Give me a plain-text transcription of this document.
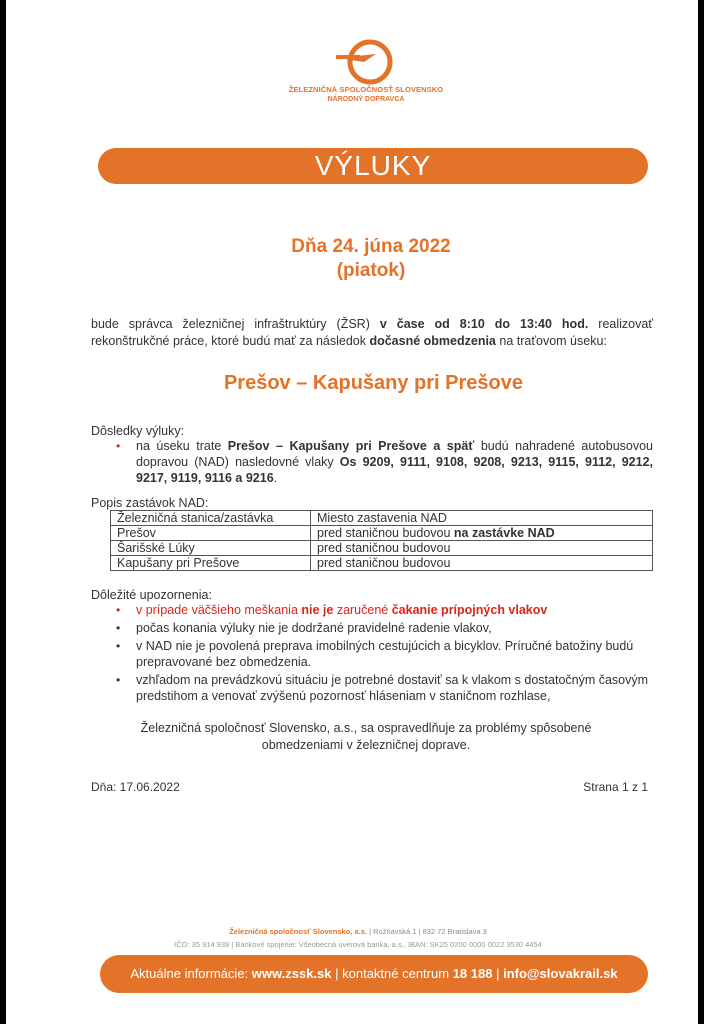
ŽELEZNIČNÁ SPOLOČNOSŤ SLOVENSKO
NÁRODNÝ DOPRAVCA
VÝLUKY
Dňa 24. júna 2022
(piatok)
bude správca železničnej infraštruktúry (ŽSR) v čase od 8:10 do 13:40 hod. realizovať rekonštrukčné práce, ktoré budú mať za následok dočasné obmedzenia na traťovom úseku:
Prešov – Kapušany pri Prešove
Dôsledky výluky:
• na úseku trate Prešov – Kapušany pri Prešove a späť budú nahradené autobusovou dopravou (NAD) nasledovné vlaky Os 9209, 9111, 9108, 9208, 9213, 9115, 9112, 9212, 9217, 9119, 9116 a 9216.
Popis zastávok NAD:
Železničná stanica/zastávka	Miesto zastavenia NAD
Prešov	pred staničnou budovou na zastávke NAD
Šarišské Lúky	pred staničnou budovou
Kapušany pri Prešove	pred staničnou budovou
Dôležité upozornenia:
• v prípade väčšieho meškania nie je zaručené čakanie prípojných vlakov
• počas konania výluky nie je dodržané pravidelné radenie vlakov,
• v NAD nie je povolená preprava imobilných cestujúcich a bicyklov. Príručné batožiny budú prepravované bez obmedzenia.
• vzhľadom na prevádzkovú situáciu je potrebné dostaviť sa k vlakom s dostatočným časovým predstihom a venovať zvýšenú pozornosť hláseniam v staničnom rozhlase,
Železničná spoločnosť Slovensko, a.s., sa ospravedlňuje za problémy spôsobené
obmedzeniami v železničnej doprave.
Dňa: 17.06.2022	Strana 1 z 1
Železničná spoločnosť Slovensko, a.s. | Rožňavská 1 | 832 72 Bratislava 3
IČO: 35 914 939 | Bankové spojenie: Všeobecná úverová banka, a.s., IBAN: SK25 0200 0000 0022 3530 4454
Aktuálne informácie: www.zssk.sk | kontaktné centrum 18 188 | info@slovakrail.sk
